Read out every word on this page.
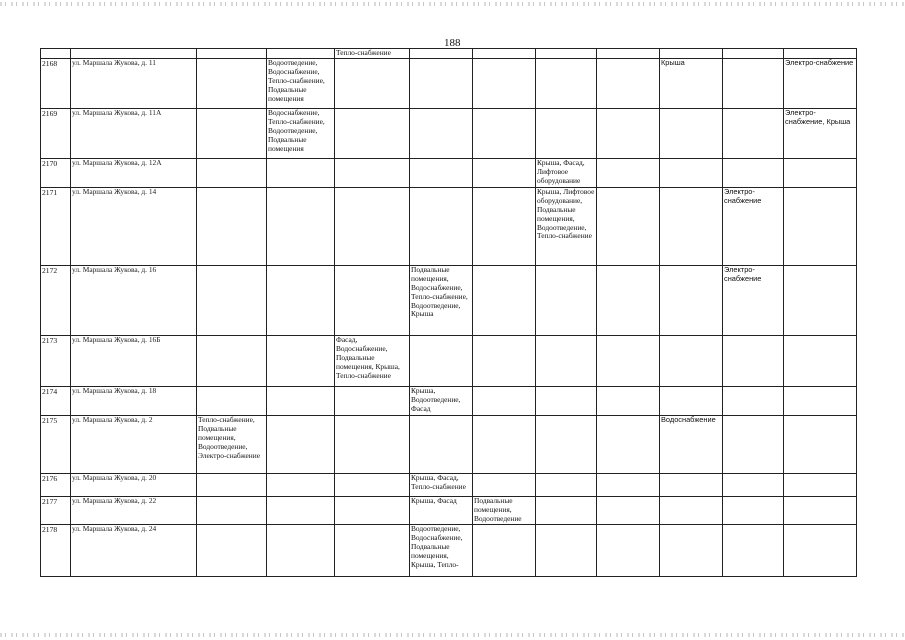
188
				Тепло-снабжение							
2168	ул. Маршала Жукова, д. 11		Водоотведение, Водоснабжение, Тепло-снабжение, Подвальные помещения						Крыша		Электро-снабжение
2169	ул. Маршала Жукова, д. 11А		Водоснабжение, Тепло-снабжение, Водоотведение, Подвальные помещения								Электро-снабжение, Крыша
2170	ул. Маршала Жукова, д. 12А						Крыша, Фасад, Лифтовое оборудование				
2171	ул. Маршала Жукова, д. 14						Крыша, Лифтовое оборудование, Подвальные помещения, Водоотведение, Тепло-снабжение			Электро-снабжение	
2172	ул. Маршала Жукова, д. 16				Подвальные помещения, Водоснабжение, Тепло-снабжение, Водоотведение, Крыша					Электро-снабжение	
2173	ул. Маршала Жукова, д. 16Б			Фасад, Водоснабжение, Подвальные помещения, Крыша, Тепло-снабжение							
2174	ул. Маршала Жукова, д. 18				Крыша, Водоотведение, Фасад						
2175	ул. Маршала Жукова, д. 2	Тепло-снабжение, Подвальные помещения, Водоотведение, Электро-снабжение							Водоснабжение		
2176	ул. Маршала Жукова, д. 20				Крыша, Фасад, Тепло-снабжение						
2177	ул. Маршала Жукова, д. 22				Крыша, Фасад	Подвальные помещения, Водоотведение					
2178	ул. Маршала Жукова, д. 24				Водоотведение, Водоснабжение, Подвальные помещения, Крыша, Тепло-						
